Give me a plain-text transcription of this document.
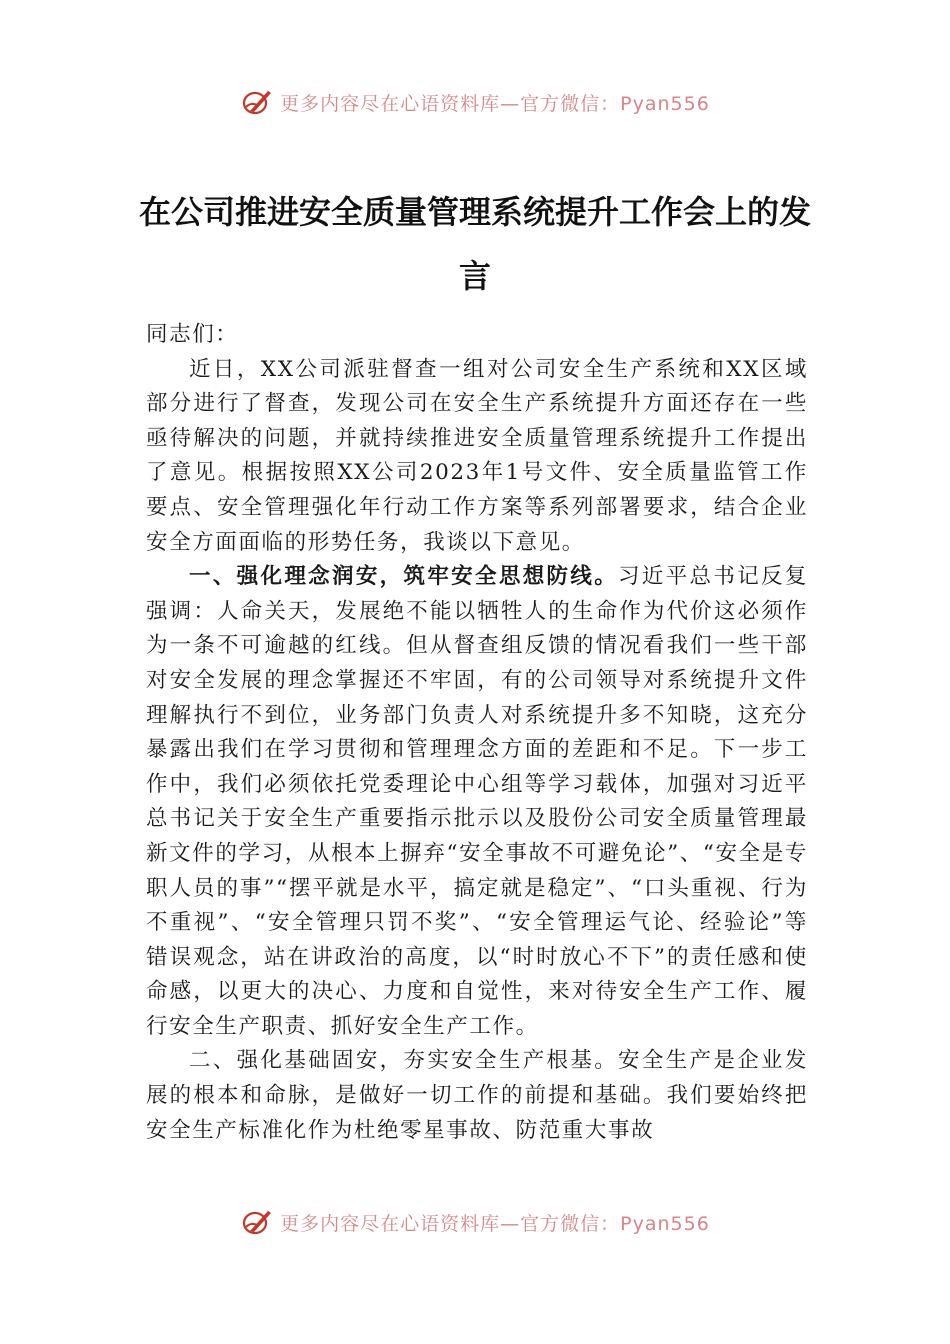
更多内容尽在心语资料库—官方微信：Pyan556
在公司推进安全质量管理系统提升工作会上的发言

同志们：

近日，XX公司派驻督查一组对公司安全生产系统和XX区域部分进行了督查，发现公司在安全生产系统提升方面还存在一些亟待解决的问题，并就持续推进安全质量管理系统提升工作提出了意见。根据按照XX公司2023年1号文件、安全质量监管工作要点、安全管理强化年行动工作方案等系列部署要求，结合企业安全方面面临的形势任务，我谈以下意见。

一、强化理念润安，筑牢安全思想防线。习近平总书记反复强调：人命关天，发展绝不能以牺牲人的生命作为代价这必须作为一条不可逾越的红线。但从督查组反馈的情况看我们一些干部对安全发展的理念掌握还不牢固，有的公司领导对系统提升文件理解执行不到位，业务部门负责人对系统提升多不知晓，这充分暴露出我们在学习贯彻和管理理念方面的差距和不足。下一步工作中，我们必须依托党委理论中心组等学习载体，加强对习近平总书记关于安全生产重要指示批示以及股份公司安全质量管理最新文件的学习，从根本上摒弃“安全事故不可避免论”、“安全是专职人员的事”“摆平就是水平，搞定就是稳定”、“口头重视、行为不重视”、“安全管理只罚不奖”、“安全管理运气论、经验论”等错误观念，站在讲政治的高度，以“时时放心不下”的责任感和使命感，以更大的决心、力度和自觉性，来对待安全生产工作、履行安全生产职责、抓好安全生产工作。

二、强化基础固安，夯实安全生产根基。安全生产是企业发展的根本和命脉，是做好一切工作的前提和基础。我们要始终把安全生产标准化作为杜绝零星事故、防范重大事故

更多内容尽在心语资料库—官方微信：Pyan556
